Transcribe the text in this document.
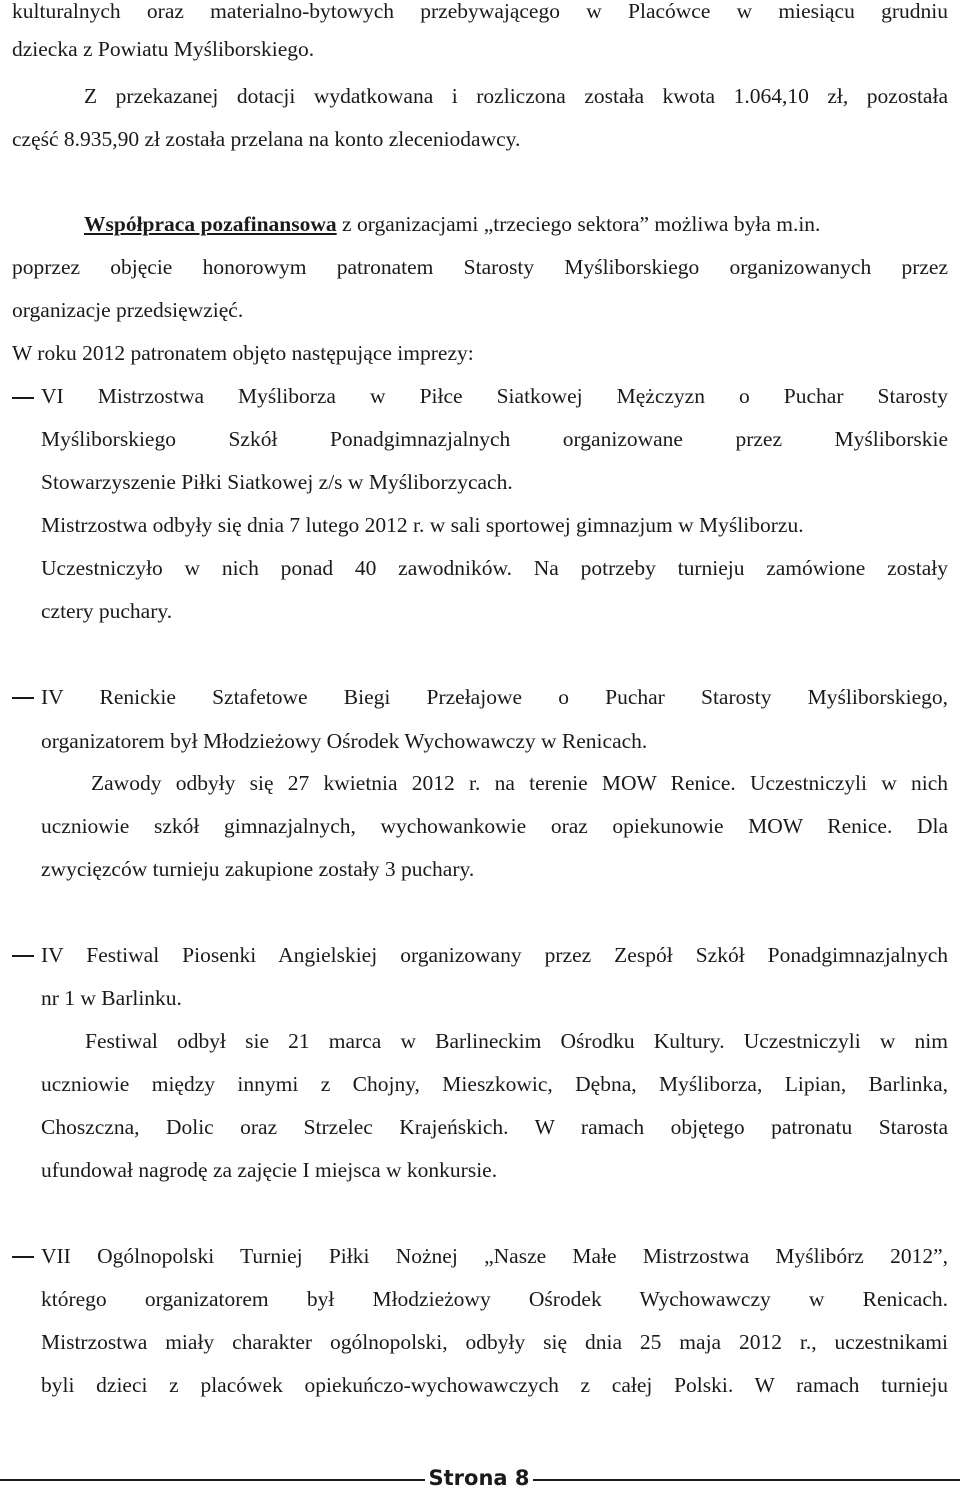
kulturalnych oraz materialno-bytowych przebywającego w Placówce w miesiącu grudniu
dziecka z Powiatu Myśliborskiego.
Z przekazanej dotacji wydatkowana i rozliczona została kwota 1.064,10 zł, pozostała
część 8.935,90 zł została przelana na konto zleceniodawcy.
Współpraca pozafinansowa z organizacjami „trzeciego sektora” możliwa była m.in.
poprzez objęcie honorowym patronatem Starosty Myśliborskiego organizowanych przez
organizacje przedsięwzięć.
W roku 2012 patronatem objęto następujące imprezy:
VI Mistrzostwa Myśliborza w Piłce Siatkowej Mężczyzn o Puchar Starosty
Myśliborskiego Szkół Ponadgimnazjalnych organizowane przez Myśliborskie
Stowarzyszenie Piłki Siatkowej z/s w Myśliborzycach.
Mistrzostwa odbyły się dnia 7 lutego 2012 r. w sali sportowej gimnazjum w Myśliborzu.
Uczestniczyło w nich ponad 40 zawodników. Na potrzeby turnieju zamówione zostały
cztery puchary.
IV Renickie Sztafetowe Biegi Przełajowe o Puchar Starosty Myśliborskiego,
organizatorem był Młodzieżowy Ośrodek Wychowawczy w Renicach.
Zawody odbyły się 27 kwietnia 2012 r. na terenie MOW Renice. Uczestniczyli w nich
uczniowie szkół gimnazjalnych, wychowankowie oraz opiekunowie MOW Renice. Dla
zwycięzców turnieju zakupione zostały 3 puchary.
IV Festiwal Piosenki Angielskiej organizowany przez Zespół Szkół Ponadgimnazjalnych
nr 1 w Barlinku.
Festiwal odbył sie 21 marca w Barlineckim Ośrodku Kultury. Uczestniczyli w nim
uczniowie między innymi z Chojny, Mieszkowic, Dębna, Myśliborza, Lipian, Barlinka,
Choszczna, Dolic oraz Strzelec Krajeńskich. W ramach objętego patronatu Starosta
ufundował nagrodę za zajęcie I miejsca w konkursie.
VII Ogólnopolski Turniej Piłki Nożnej „Nasze Małe Mistrzostwa Myślibórz 2012”,
którego organizatorem był Młodzieżowy Ośrodek Wychowawczy w Renicach.
Mistrzostwa miały charakter ogólnopolski, odbyły się dnia 25 maja 2012 r., uczestnikami
byli dzieci z placówek opiekuńczo-wychowawczych z całej Polski. W ramach turnieju
Strona 8
